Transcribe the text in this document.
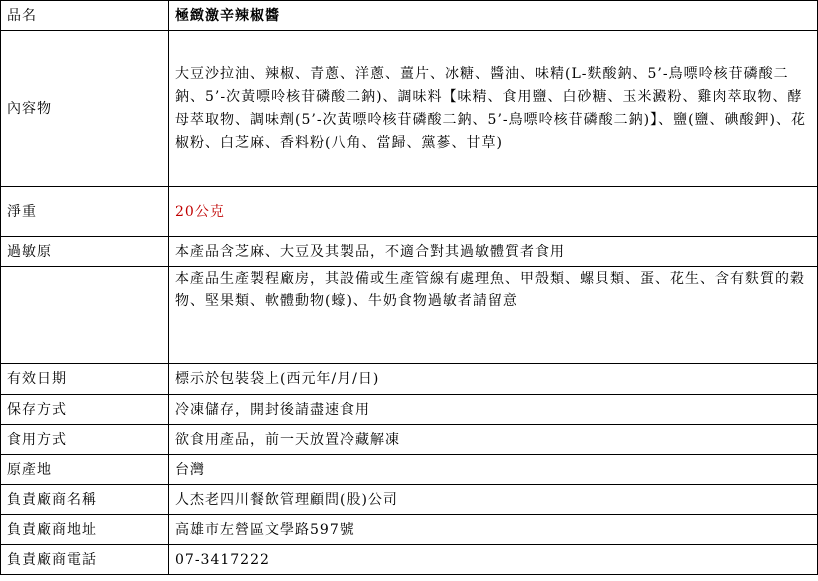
品名	極緻激辛辣椒醬
內容物	大豆沙拉油、辣椒、青蔥、洋蔥、薑片、冰糖、醬油、味精(L-麩酸鈉、5’-鳥嘌呤核苷磷酸二鈉、5’-次黃嘌呤核苷磷酸二鈉)、調味料【味精、食用鹽、白砂糖、玉米澱粉、雞肉萃取物、酵母萃取物、調味劑(5’-次黃嘌呤核苷磷酸二鈉、5’-鳥嘌呤核苷磷酸二鈉)】、鹽(鹽、碘酸鉀)、花椒粉、白芝麻、香料粉(八角、當歸、黨蔘、甘草)
淨重	20公克
過敏原	本產品含芝麻、大豆及其製品，不適合對其過敏體質者食用
	本產品生產製程廠房，其設備或生產管線有處理魚、甲殼類、螺貝類、蛋、花生、含有麩質的穀物、堅果類、軟體動物(蠔)、牛奶食物過敏者請留意
有效日期	標示於包裝袋上(西元年/月/日)
保存方式	冷凍儲存，開封後請盡速食用
食用方式	欲食用產品，前一天放置冷藏解凍
原產地	台灣
負責廠商名稱	人杰老四川餐飲管理顧問(股)公司
負責廠商地址	高雄市左營區文學路597號
負責廠商電話	07-3417222
